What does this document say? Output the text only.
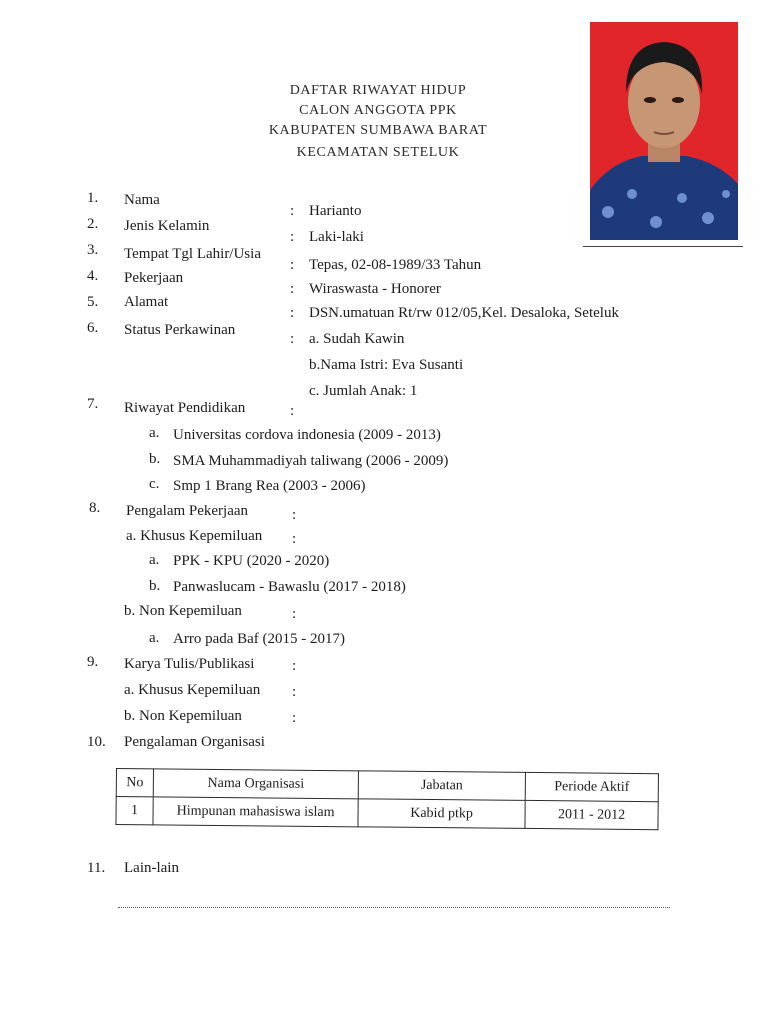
DAFTAR RIWAYAT HIDUP
CALON ANGGOTA PPK
KABUPATEN SUMBAWA BARAT
KECAMATAN SETELUK
1. Nama
: Harianto
2. Jenis Kelamin
: Laki-laki
3. Tempat Tgl Lahir/Usia
: Tepas, 02-08-1989/33 Tahun
4. Pekerjaan
: Wiraswasta - Honorer
5. Alamat
: DSN.umatuan Rt/rw 012/05,Kel. Desaloka, Seteluk
6. Status Perkawinan
: a. Sudah Kawin
b.Nama Istri: Eva Susanti
c. Jumlah Anak: 1
7. Riwayat Pendidikan	:
a. Universitas cordova indonesia (2009 - 2013)
b. SMA Muhammadiyah taliwang (2006 - 2009)
c. Smp 1 Brang Rea (2003 - 2006)
8. Pengalam Pekerjaan	:
a. Khusus Kepemiluan :
a. PPK - KPU (2020 - 2020)
b. Panwaslucam - Bawaslu (2017 - 2018)
b. Non Kepemiluan	:
a. Arro pada Baf (2015 - 2017)
9. Karya Tulis/Publikasi	:
a. Khusus Kepemiluan :
b. Non Kepemiluan	:
10. Pengalaman Organisasi
No	Nama Organisasi	Jabatan	Periode Aktif
1	Himpunan mahasiswa islam	Kabid ptkp	2011 - 2012
11. Lain-lain
